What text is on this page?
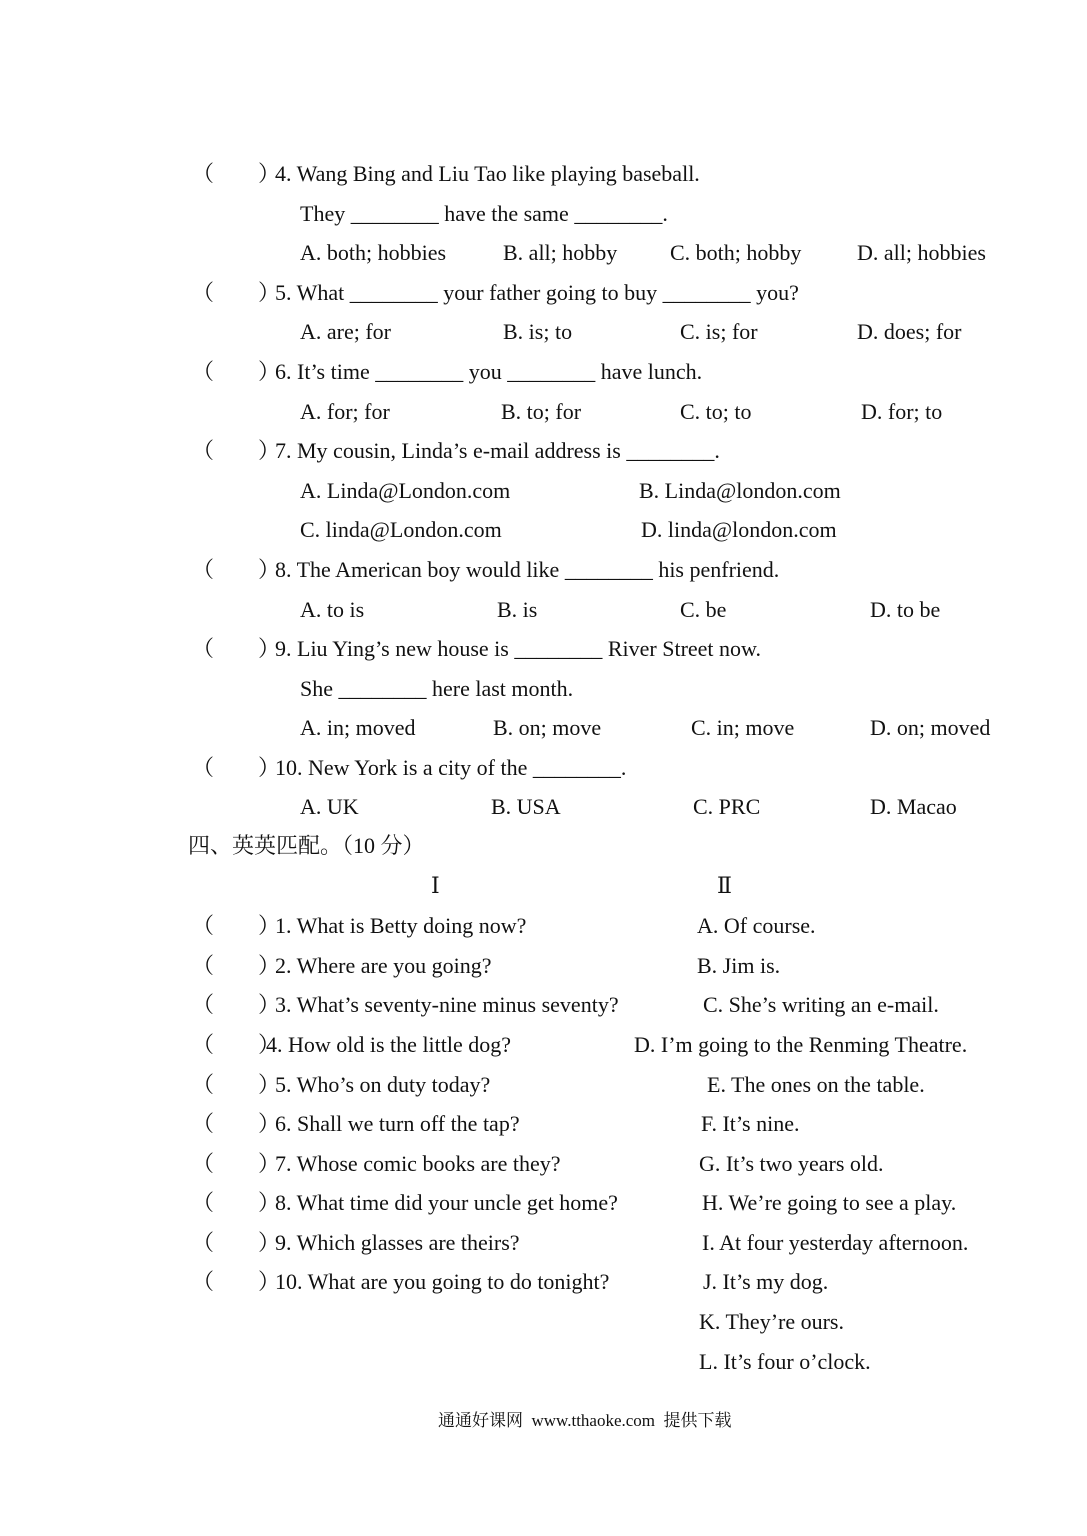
（　　）
4. Wang Bing and Liu Tao like playing baseball.
They ________ have the same ________.
A. both; hobbies	B. all; hobby C. both; hobby	D. all; hobbies
（　　）
5. What ________ your father going to buy ________ you?
A. are; for	B. is; to	C. is; for	D. does; for
（　　）
6. It’s time ________ you ________ have lunch.
A. for; for	B. to; for	C. to; to	D. for; to
（　　）
7. My cousin, Linda’s e-mail address is ________.
A. Linda@London.com	B. Linda@london.com
C. linda@London.com	D. linda@london.com
（　　）
8. The American boy would like ________ his penfriend.
A. to is	B. is	C. be	D. to be
（　　）
9. Liu Ying’s new house is ________ River Street now.
She ________ here last month.
A. in; moved	B. on; move	C. in; move	D. on; moved
（　　）
10. New York is a city of the ________.
A. UK	B. USA	C. PRC	D. Macao
四、英英匹配。（10 分）
Ⅰ	Ⅱ
（　　）
1. What is Betty doing now?	A. Of course.
（　　）
2. Where are you going?	B. Jim is.
（　　）
3. What’s seventy-nine minus seventy?	C. She’s writing an e-mail.
（　　）
4. How old is the little dog?	D. I’m going to the Renming Theatre.
（　　）
5. Who’s on duty today?	E. The ones on the table.
（　　）
6. Shall we turn off the tap?	F. It’s nine.
（　　）
7. Whose comic books are they?	G. It’s two years old.
（　　）
8. What time did your uncle get home?	H. We’re going to see a play.
（　　）
9. Which glasses are theirs?	I. At four yesterday afternoon.
（　　）
10. What are you going to do tonight?	J. It’s my dog.
K. They’re ours.
L. It’s four o’clock.
通通好课网  www.tthaoke.com  提供下载
